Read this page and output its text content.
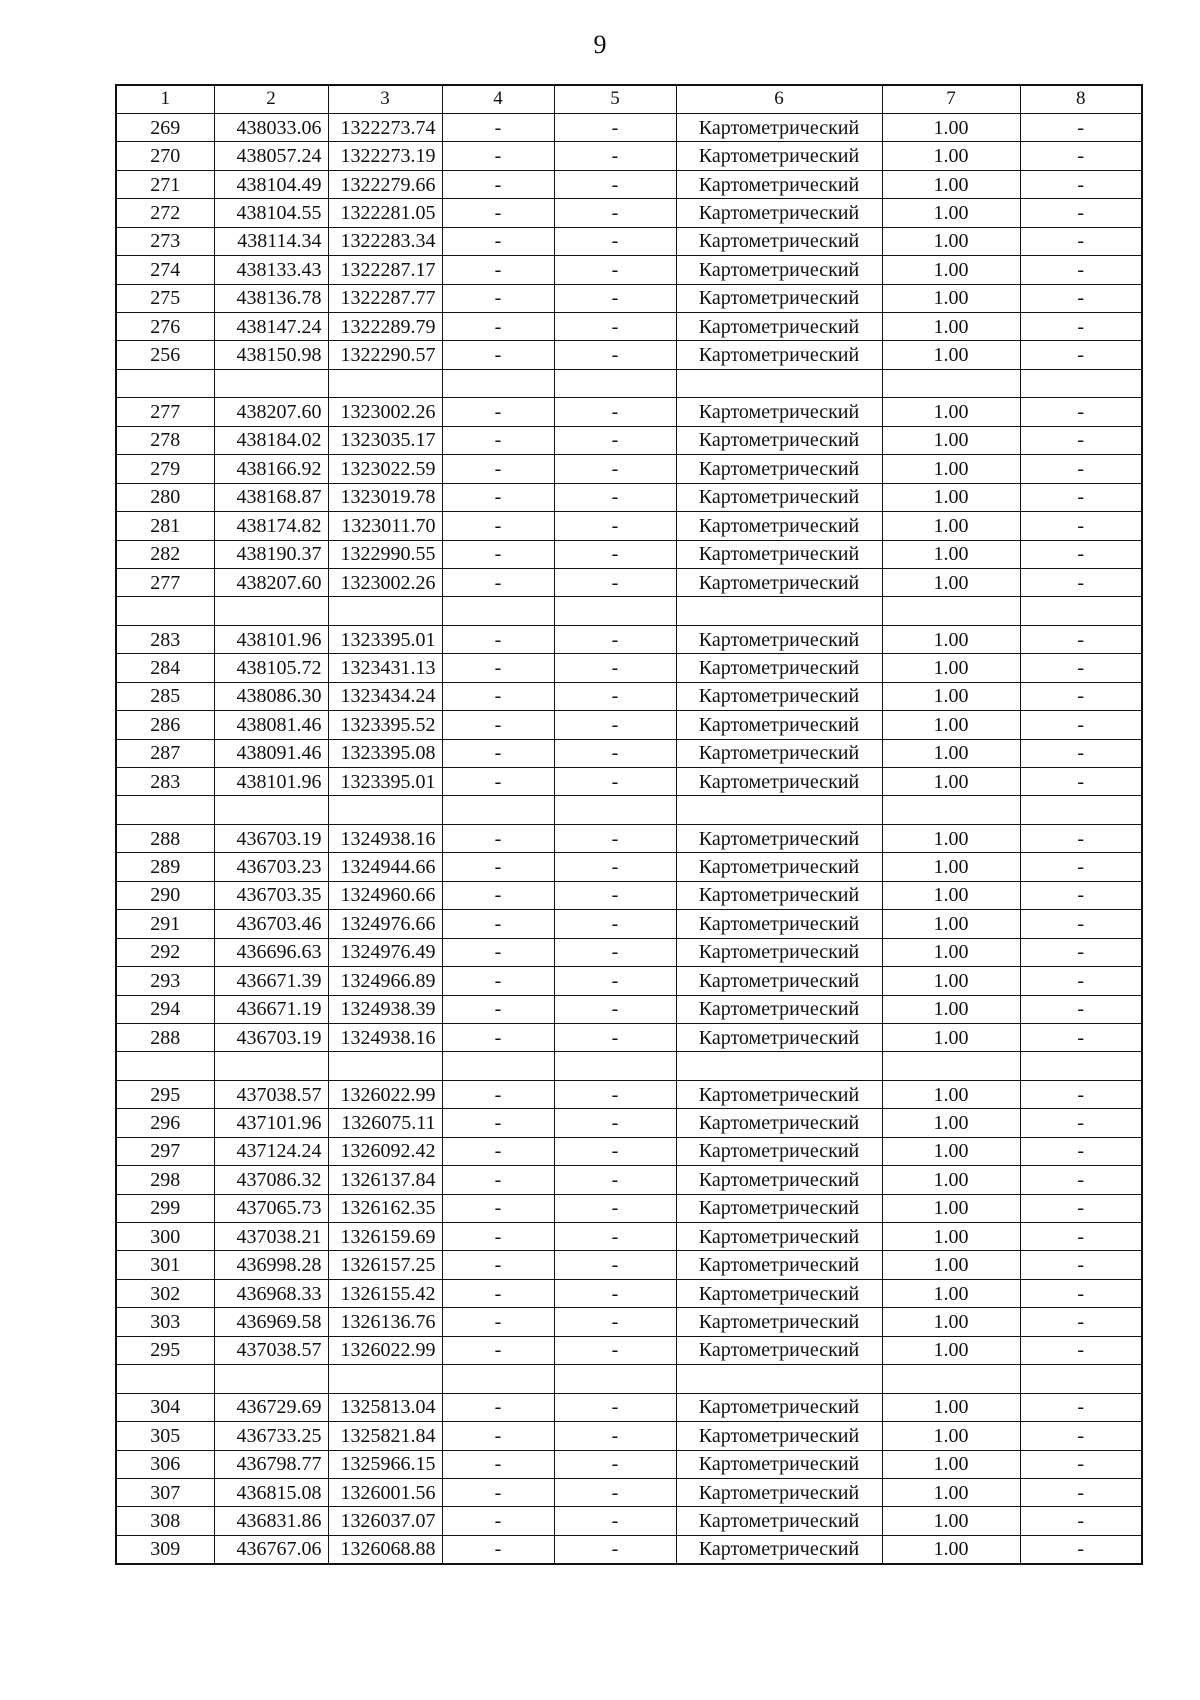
9
1	2	3	4	5	6	7	8
269	438033.06	1322273.74	-	-	Картометрический	1.00	-
270	438057.24	1322273.19	-	-	Картометрический	1.00	-
271	438104.49	1322279.66	-	-	Картометрический	1.00	-
272	438104.55	1322281.05	-	-	Картометрический	1.00	-
273	438114.34	1322283.34	-	-	Картометрический	1.00	-
274	438133.43	1322287.17	-	-	Картометрический	1.00	-
275	438136.78	1322287.77	-	-	Картометрический	1.00	-
276	438147.24	1322289.79	-	-	Картометрический	1.00	-
256	438150.98	1322290.57	-	-	Картометрический	1.00	-

277	438207.60	1323002.26	-	-	Картометрический	1.00	-
278	438184.02	1323035.17	-	-	Картометрический	1.00	-
279	438166.92	1323022.59	-	-	Картометрический	1.00	-
280	438168.87	1323019.78	-	-	Картометрический	1.00	-
281	438174.82	1323011.70	-	-	Картометрический	1.00	-
282	438190.37	1322990.55	-	-	Картометрический	1.00	-
277	438207.60	1323002.26	-	-	Картометрический	1.00	-

283	438101.96	1323395.01	-	-	Картометрический	1.00	-
284	438105.72	1323431.13	-	-	Картометрический	1.00	-
285	438086.30	1323434.24	-	-	Картометрический	1.00	-
286	438081.46	1323395.52	-	-	Картометрический	1.00	-
287	438091.46	1323395.08	-	-	Картометрический	1.00	-
283	438101.96	1323395.01	-	-	Картометрический	1.00	-

288	436703.19	1324938.16	-	-	Картометрический	1.00	-
289	436703.23	1324944.66	-	-	Картометрический	1.00	-
290	436703.35	1324960.66	-	-	Картометрический	1.00	-
291	436703.46	1324976.66	-	-	Картометрический	1.00	-
292	436696.63	1324976.49	-	-	Картометрический	1.00	-
293	436671.39	1324966.89	-	-	Картометрический	1.00	-
294	436671.19	1324938.39	-	-	Картометрический	1.00	-
288	436703.19	1324938.16	-	-	Картометрический	1.00	-

295	437038.57	1326022.99	-	-	Картометрический	1.00	-
296	437101.96	1326075.11	-	-	Картометрический	1.00	-
297	437124.24	1326092.42	-	-	Картометрический	1.00	-
298	437086.32	1326137.84	-	-	Картометрический	1.00	-
299	437065.73	1326162.35	-	-	Картометрический	1.00	-
300	437038.21	1326159.69	-	-	Картометрический	1.00	-
301	436998.28	1326157.25	-	-	Картометрический	1.00	-
302	436968.33	1326155.42	-	-	Картометрический	1.00	-
303	436969.58	1326136.76	-	-	Картометрический	1.00	-
295	437038.57	1326022.99	-	-	Картометрический	1.00	-

304	436729.69	1325813.04	-	-	Картометрический	1.00	-
305	436733.25	1325821.84	-	-	Картометрический	1.00	-
306	436798.77	1325966.15	-	-	Картометрический	1.00	-
307	436815.08	1326001.56	-	-	Картометрический	1.00	-
308	436831.86	1326037.07	-	-	Картометрический	1.00	-
309	436767.06	1326068.88	-	-	Картометрический	1.00	-
